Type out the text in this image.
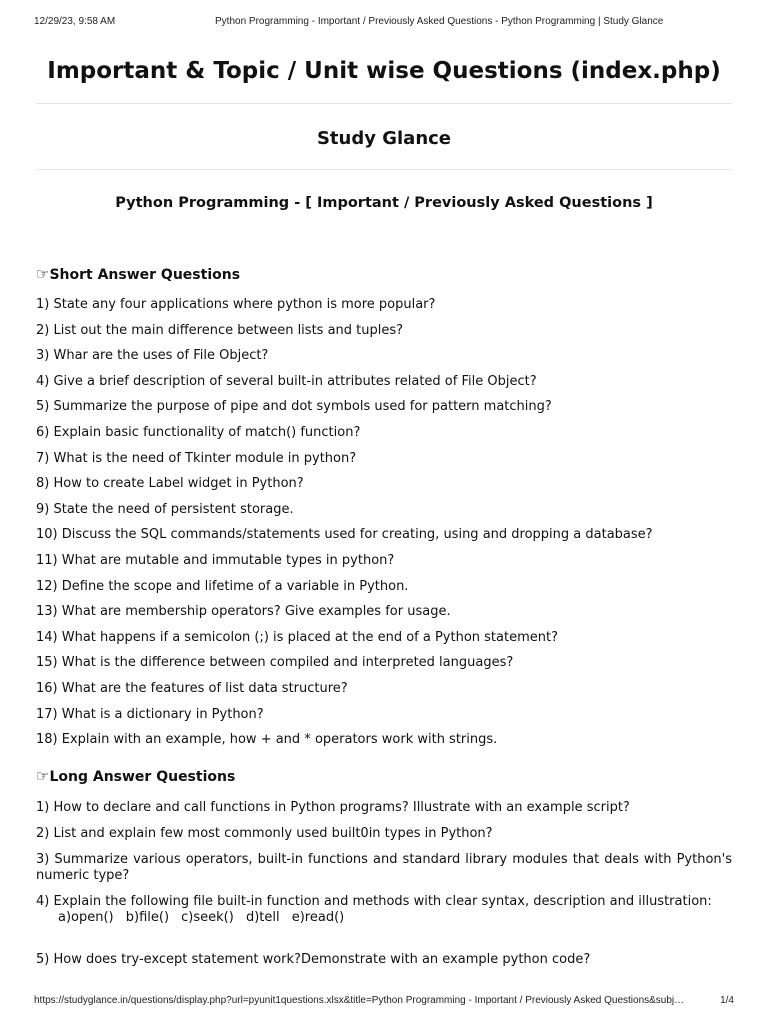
12/29/23, 9:58 AM	Python Programming - Important / Previously Asked Questions - Python Programming | Study Glance
Important & Topic / Unit wise Questions (index.php)
Study Glance
Python Programming - [ Important / Previously Asked Questions ]
☞Short Answer Questions
1) State any four applications where python is more popular?
2) List out the main difference between lists and tuples?
3) Whar are the uses of File Object?
4) Give a brief description of several built-in attributes related of File Object?
5) Summarize the purpose of pipe and dot symbols used for pattern matching?
6) Explain basic functionality of match() function?
7) What is the need of Tkinter module in python?
8) How to create Label widget in Python?
9) State the need of persistent storage.
10) Discuss the SQL commands/statements used for creating, using and dropping a database?
11) What are mutable and immutable types in python?
12) Define the scope and lifetime of a variable in Python.
13) What are membership operators? Give examples for usage.
14) What happens if a semicolon (;) is placed at the end of a Python statement?
15) What is the difference between compiled and interpreted languages?
16) What are the features of list data structure?
17) What is a dictionary in Python?
18) Explain with an example, how + and * operators work with strings.
☞Long Answer Questions
1) How to declare and call functions in Python programs? Illustrate with an example script?
2) List and explain few most commonly used built0in types in Python?
3) Summarize various operators, built-in functions and standard library modules that deals with Python's numeric type?
4) Explain the following file built-in function and methods with clear syntax, description and illustration:
a)open() b)file() c)seek() d)tell e)read()
5) How does try-except statement work?Demonstrate with an example python code?
https://studyglance.in/questions/display.php?url=pyunit1questions.xlsx&title=Python Programming - Important / Previously Asked Questions&subj…	1/4
